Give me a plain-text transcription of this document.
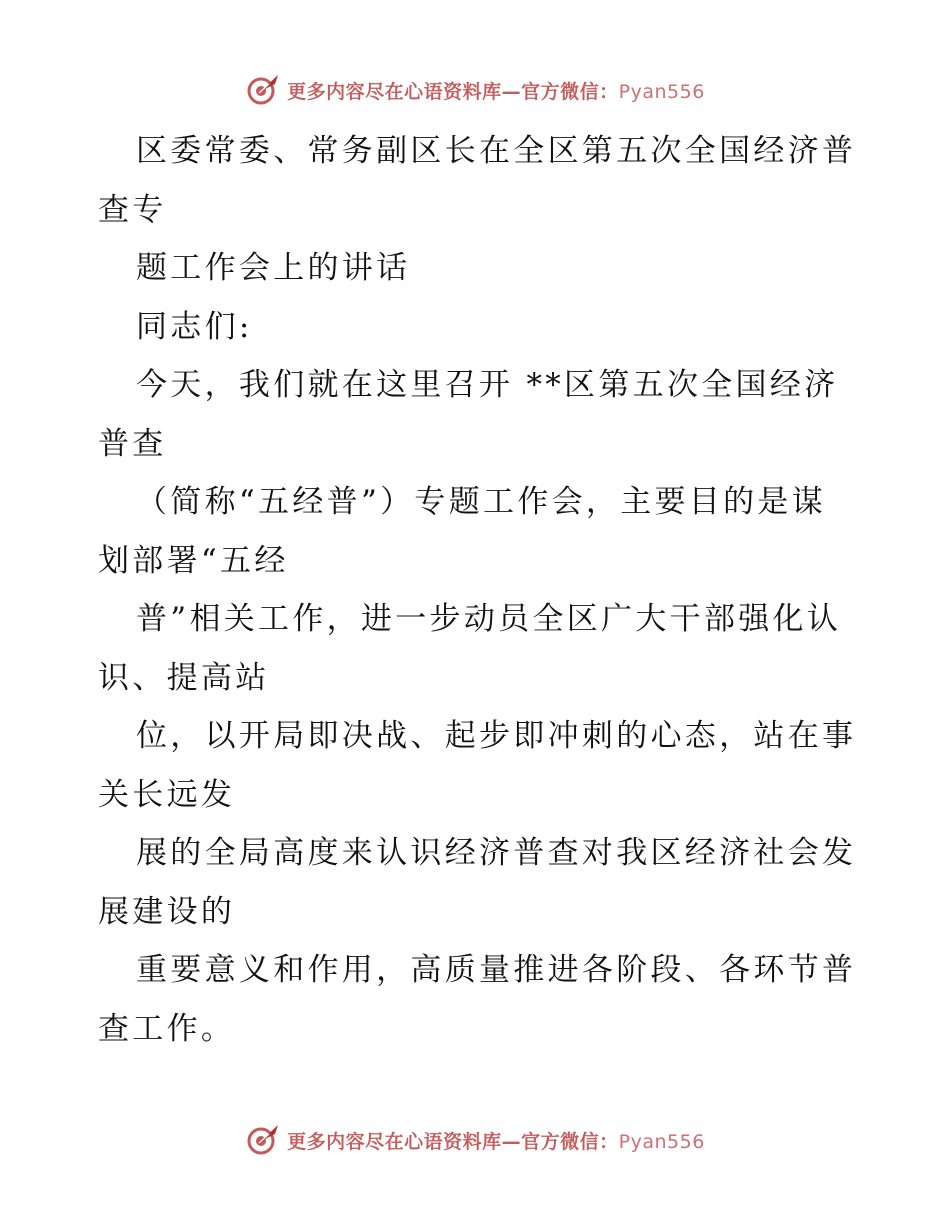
更多内容尽在心语资料库—官方微信：Pyan556

区委常委、常务副区长在全区第五次全国经济普

查专

题工作会上的讲话

同志们:

今天，我们就在这里召开 **区第五次全国经济

普查

（简称“五经普”）专题工作会，主要目的是谋

划部署“五经

普”相关工作，进一步动员全区广大干部强化认

识、提高站

位，以开局即决战、起步即冲刺的心态，站在事

关长远发

展的全局高度来认识经济普查对我区经济社会发

展建设的

重要意义和作用，高质量推进各阶段、各环节普

查工作。

更多内容尽在心语资料库—官方微信：Pyan556
